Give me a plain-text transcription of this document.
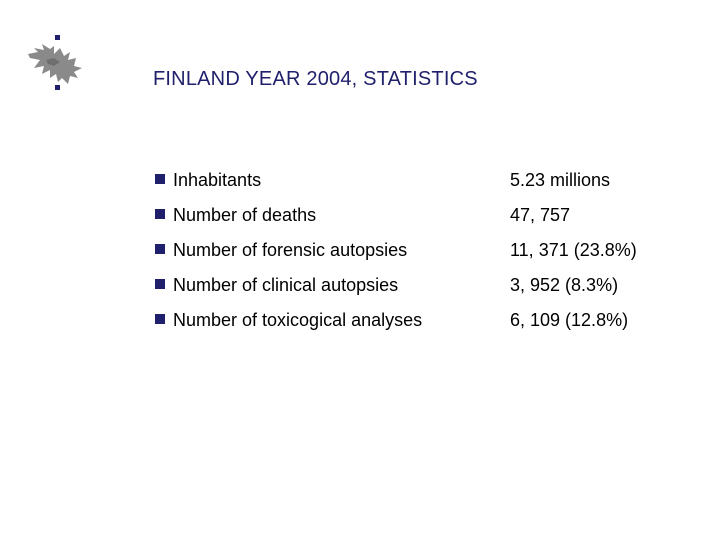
FINLAND YEAR 2004, STATISTICS
Inhabitants	5.23 millions
Number of deaths	47, 757
Number of forensic autopsies	11, 371 (23.8%)
Number of clinical autopsies	3, 952 (8.3%)
Number of toxicogical analyses	6, 109 (12.8%)
